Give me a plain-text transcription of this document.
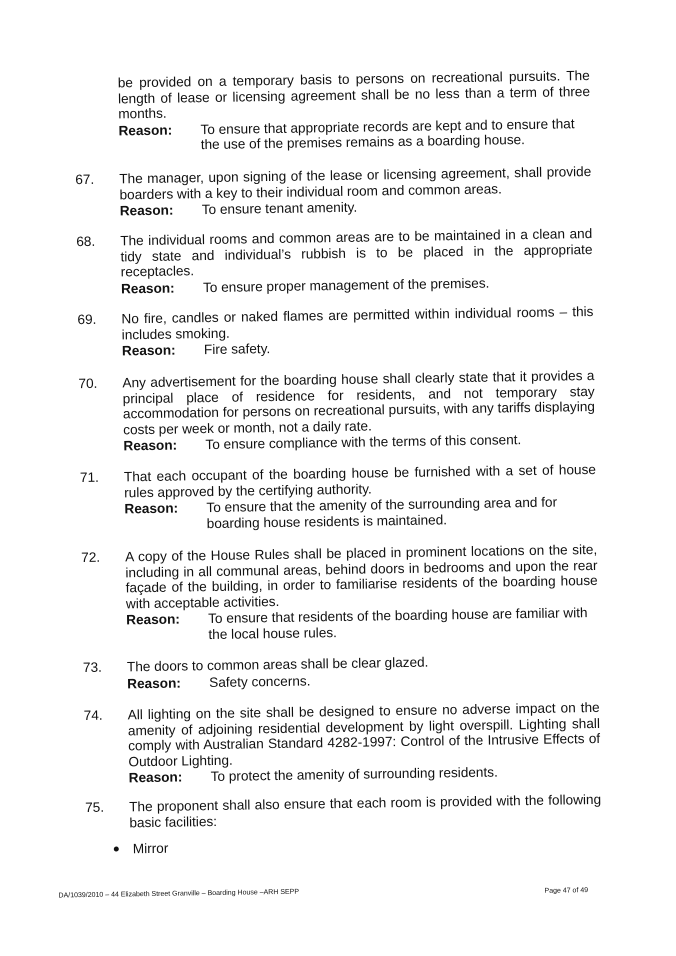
be provided on a temporary basis to persons on recreational pursuits. The length of lease or licensing agreement shall be no less than a term of three months.
Reason:	To ensure that appropriate records are kept and to ensure that the use of the premises remains as a boarding house.
67.	The manager, upon signing of the lease or licensing agreement, shall provide boarders with a key to their individual room and common areas.
Reason:	To ensure tenant amenity.
68.	The individual rooms and common areas are to be maintained in a clean and tidy state and individual’s rubbish is to be placed in the appropriate receptacles.
Reason:	To ensure proper management of the premises.
69.	No fire, candles or naked flames are permitted within individual rooms – this includes smoking.
Reason:	Fire safety.
70.	Any advertisement for the boarding house shall clearly state that it provides a principal place of residence for residents, and not temporary stay accommodation for persons on recreational pursuits, with any tariffs displaying costs per week or month, not a daily rate.
Reason:	To ensure compliance with the terms of this consent.
71.	That each occupant of the boarding house be furnished with a set of house rules approved by the certifying authority.
Reason:	To ensure that the amenity of the surrounding area and for boarding house residents is maintained.
72.	A copy of the House Rules shall be placed in prominent locations on the site, including in all communal areas, behind doors in bedrooms and upon the rear façade of the building, in order to familiarise residents of the boarding house with acceptable activities.
Reason:	To ensure that residents of the boarding house are familiar with the local house rules.
73.	The doors to common areas shall be clear glazed.
Reason:	Safety concerns.
74.	All lighting on the site shall be designed to ensure no adverse impact on the amenity of adjoining residential development by light overspill. Lighting shall comply with Australian Standard 4282-1997: Control of the Intrusive Effects of Outdoor Lighting.
Reason:	To protect the amenity of surrounding residents.
75.	The proponent shall also ensure that each room is provided with the following basic facilities:
Mirror
DA/1039/2010 – 44 Elizabeth Street Granville – Boarding House –ARH SEPP	Page 47 of 49
